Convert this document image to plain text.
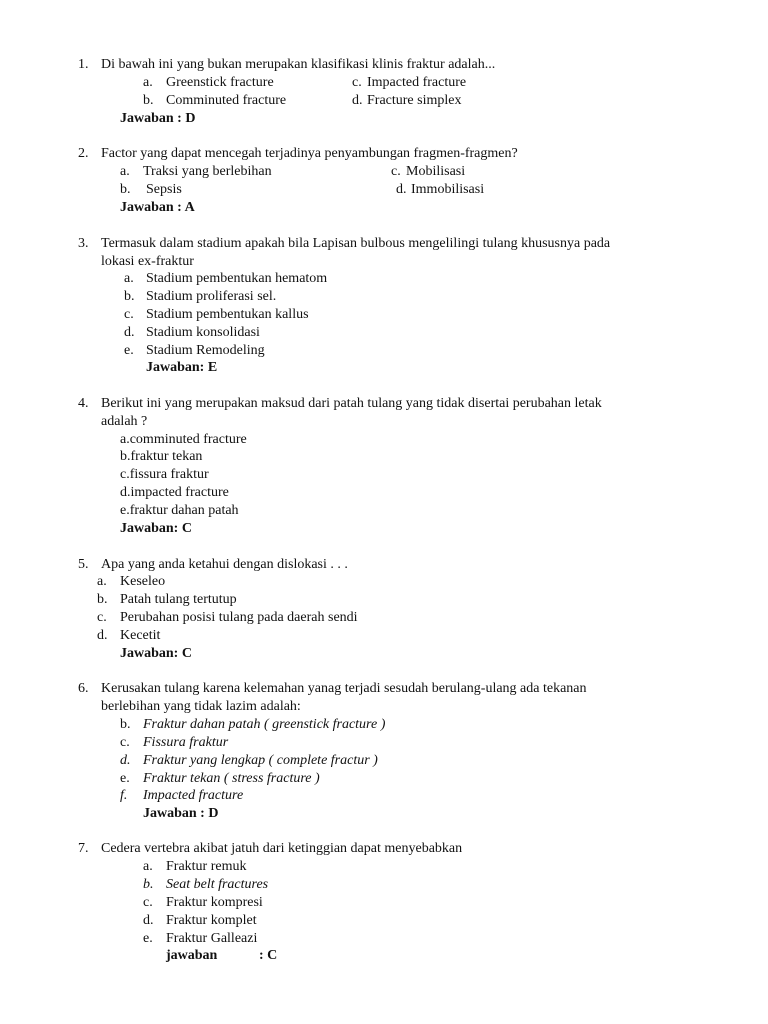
1. Di bawah ini yang bukan merupakan klasifikasi klinis fraktur adalah...
a. Greenstick fracture	c. Impacted fracture
b. Comminuted fracture	d. Fracture simplex
Jawaban : D
2. Factor yang dapat mencegah terjadinya penyambungan fragmen-fragmen?
a. Traksi yang berlebihan	c. Mobilisasi
b. Sepsis	d. Immobilisasi
Jawaban : A
3. Termasuk dalam stadium apakah bila Lapisan bulbous mengelilingi tulang khususnya pada
lokasi ex-fraktur
a. Stadium pembentukan hematom
b. Stadium proliferasi sel.
c. Stadium pembentukan kallus
d. Stadium konsolidasi
e. Stadium Remodeling
Jawaban: E
4. Berikut ini yang merupakan maksud dari patah tulang yang tidak disertai perubahan letak
adalah ?
a.comminuted fracture
b.fraktur tekan
c.fissura fraktur
d.impacted fracture
e.fraktur dahan patah
Jawaban: C
5. Apa yang anda ketahui dengan dislokasi . . .
a. Keseleo
b. Patah tulang tertutup
c. Perubahan posisi tulang pada daerah sendi
d. Kecetit
Jawaban: C
6. Kerusakan tulang karena kelemahan yanag terjadi sesudah berulang-ulang ada tekanan
berlebihan yang tidak lazim adalah:
b. Fraktur dahan patah ( greenstick fracture )
c. Fissura fraktur
d. Fraktur yang lengkap ( complete fractur )
e. Fraktur tekan ( stress fracture )
f. Impacted fracture
Jawaban : D
7. Cedera vertebra akibat jatuh dari ketinggian dapat menyebabkan
a. Fraktur remuk
b. Seat belt fractures
c. Fraktur kompresi
d. Fraktur komplet
e. Fraktur Galleazi
jawaban	: C
